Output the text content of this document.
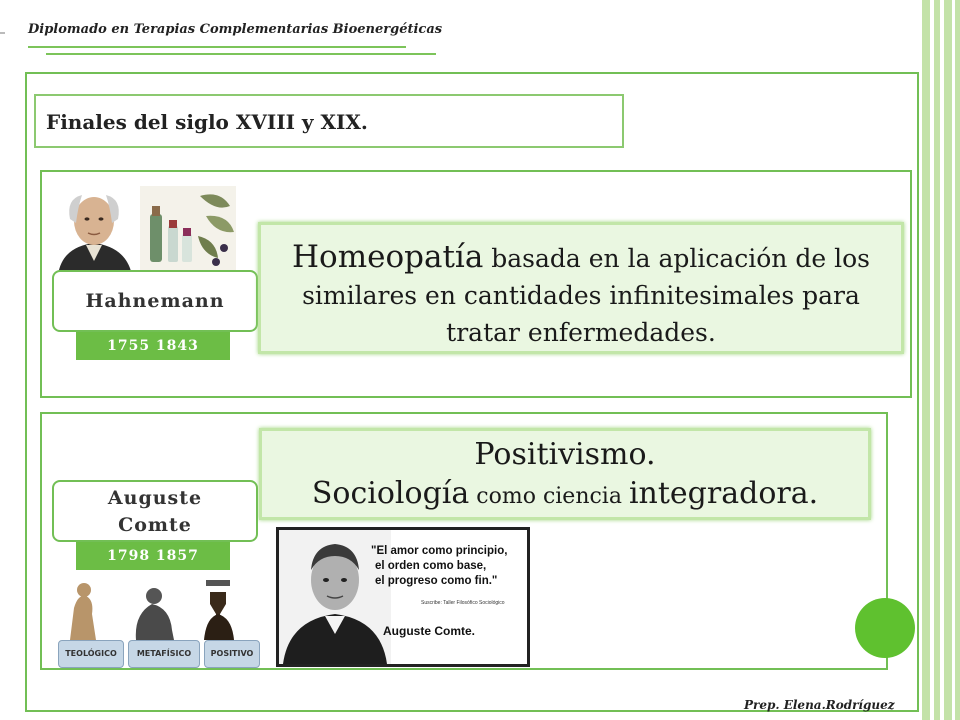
Diplomado en Terapias Complementarias Bioenergéticas
Finales del siglo XVIII y XIX.
Hahnemann
1755 1843
Homeopatía basada en la aplicación de los similares en cantidades infinitesimales para tratar enfermedades.
Positivismo.
Sociología como ciencia integradora.
Auguste
Comte
1798 1857
TEOLÓGICO	METAFÍSICO	POSITIVO
"El amor como principio,
el orden como base,
el progreso como fin."
Suscribe: Taller Filosófico Sociológico
Auguste Comte.
Prep. Elena.Rodríguez
